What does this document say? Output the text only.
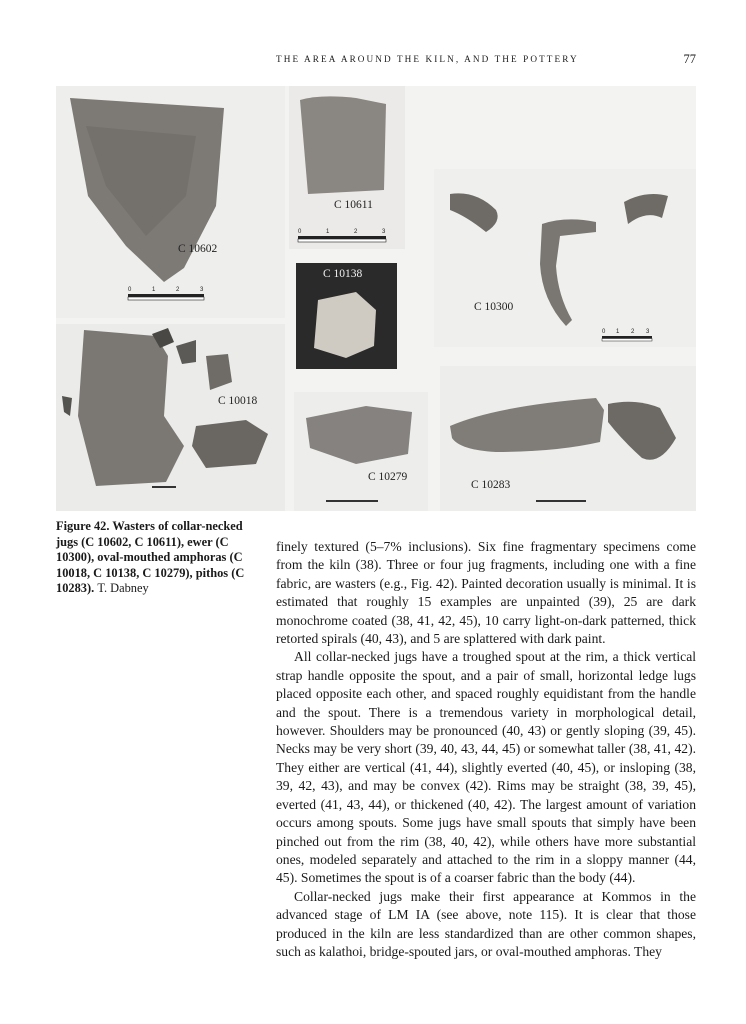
THE AREA AROUND THE KILN, AND THE POTTERY	77
C 10602
0	1	2	3
C 10611
0	1	2	3
C 10138
C 10300
0 1 2 3
C 10018
C 10279
C 10283
Figure 42. Wasters of collar-necked jugs (C 10602, C 10611), ewer (C 10300), oval-mouthed amphoras (C 10018, C 10138, C 10279), pithos (C 10283). T. Dabney

finely textured (5–7% inclusions). Six fine fragmentary specimens come from the kiln (38). Three or four jug fragments, including one with a fine fabric, are wasters (e.g., Fig. 42). Painted decoration usually is minimal. It is estimated that roughly 15 examples are unpainted (39), 25 are dark monochrome coated (38, 41, 42, 45), 10 carry light-on-dark patterned, thick retorted spirals (40, 43), and 5 are splattered with dark paint.

All collar-necked jugs have a troughed spout at the rim, a thick vertical strap handle opposite the spout, and a pair of small, horizontal ledge lugs placed opposite each other, and spaced roughly equidistant from the handle and the spout. There is a tremendous variety in morphological detail, however. Shoulders may be pronounced (40, 43) or gently sloping (39, 45). Necks may be very short (39, 40, 43, 44, 45) or somewhat taller (38, 41, 42). They either are vertical (41, 44), slightly everted (40, 45), or insloping (38, 39, 42, 43), and may be convex (42). Rims may be straight (38, 39, 45), everted (41, 43, 44), or thickened (40, 42). The largest amount of variation occurs among spouts. Some jugs have small spouts that simply have been pinched out from the rim (38, 40, 42), while others have more substantial ones, modeled separately and attached to the rim in a sloppy manner (44, 45). Sometimes the spout is of a coarser fabric than the body (44).

Collar-necked jugs make their first appearance at Kommos in the advanced stage of LM IA (see above, note 115). It is clear that those produced in the kiln are less standardized than are other common shapes, such as kalathoi, bridge-spouted jars, or oval-mouthed amphoras. They
